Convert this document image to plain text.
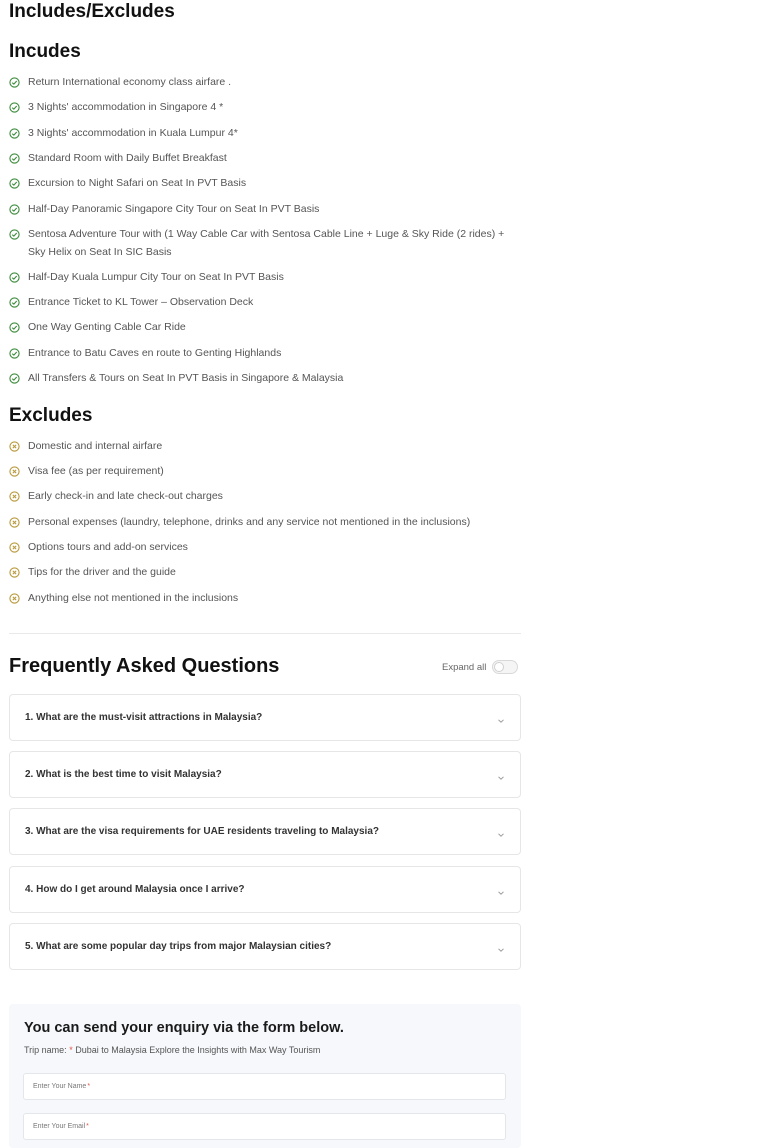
Includes/Excludes
Incudes
Return International economy class airfare .
3 Nights' accommodation in Singapore 4 *
3 Nights' accommodation in Kuala Lumpur 4*
Standard Room with Daily Buffet Breakfast
Excursion to Night Safari on Seat In PVT Basis
Half-Day Panoramic Singapore City Tour on Seat In PVT Basis
Sentosa Adventure Tour with (1 Way Cable Car with Sentosa Cable Line + Luge & Sky Ride (2 rides) + Sky Helix on Seat In SIC Basis
Half-Day Kuala Lumpur City Tour on Seat In PVT Basis
Entrance Ticket to KL Tower – Observation Deck
One Way Genting Cable Car Ride
Entrance to Batu Caves en route to Genting Highlands
All Transfers & Tours on Seat In PVT Basis in Singapore & Malaysia
Excludes
Domestic and internal airfare
Visa fee (as per requirement)
Early check-in and late check-out charges
Personal expenses (laundry, telephone, drinks and any service not mentioned in the inclusions)
Options tours and add-on services
Tips for the driver and the guide
Anything else not mentioned in the inclusions
Frequently Asked Questions	Expand all
1. What are the must-visit attractions in Malaysia?
2. What is the best time to visit Malaysia?
3. What are the visa requirements for UAE residents traveling to Malaysia?
4. How do I get around Malaysia once I arrive?
5. What are some popular day trips from major Malaysian cities?
You can send your enquiry via the form below.
Trip name: * Dubai to Malaysia Explore the Insights with Max Way Tourism
Enter Your Name *
Enter Your Email *
